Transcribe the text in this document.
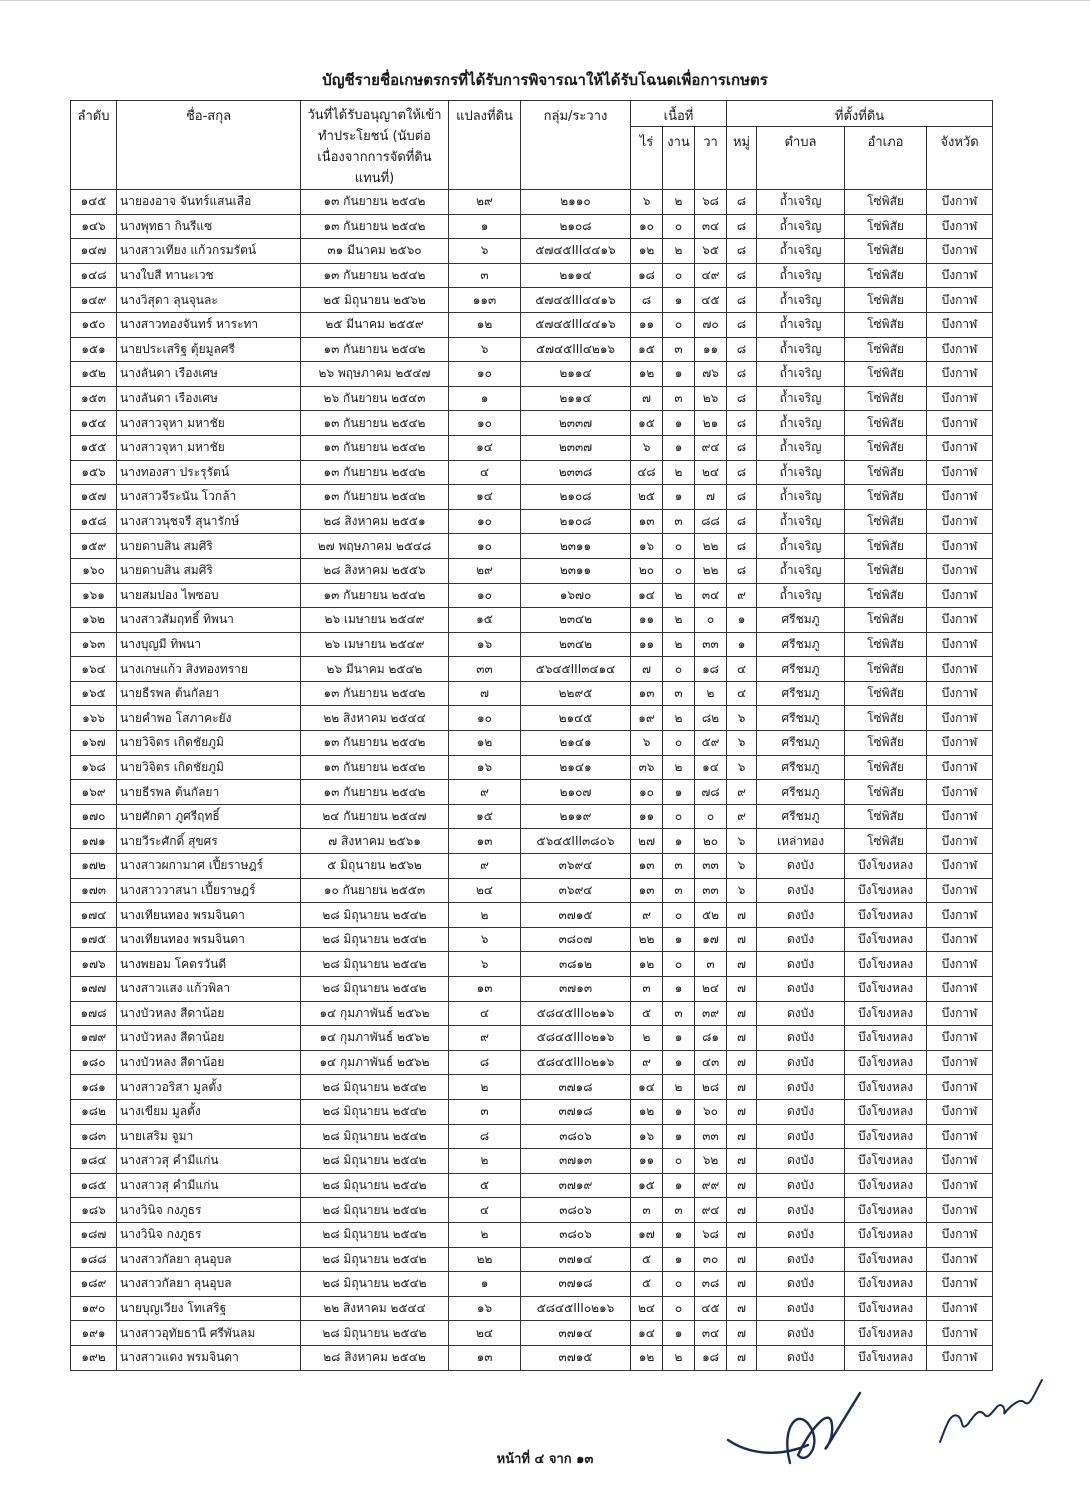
บัญชีรายชื่อเกษตรกรที่ได้รับการพิจารณาให้ได้รับโฉนดเพื่อการเกษตร
ลำดับ	ชื่อ-สกุล	วันที่ได้รับอนุญาตให้เข้าทำประโยชน์ (นับต่อเนื่องจากการจัดที่ดินแทนที่)	แปลงที่ดิน	กลุ่ม/ระวาง	เนื้อที่			ที่ตั้งที่ดิน			
					ไร่	งาน	วา	หมู่	ตำบล	อำเภอ	จังหวัด
๑๔๕	นายองอาจ จันทร์แสนเสือ	๑๓ กันยายน ๒๕๔๒	๒๙	๒๑๑๐	๖	๒	๖๘	๘	ถ้ำเจริญ	โซ่พิสัย	บึงกาฬ
๑๔๖	นางพุทธา กินรีแซ	๑๓ กันยายน ๒๕๔๒	๑	๒๑๐๘	๑๐	๐	๓๔	๘	ถ้ำเจริญ	โซ่พิสัย	บึงกาฬ
๑๔๗	นางสาวเทียง แก้วกรมรัตน์	๓๑ มีนาคม ๒๕๖๐	๖	๕๗๔๕III๔๔๑๖	๑๒	๒	๖๕	๘	ถ้ำเจริญ	โซ่พิสัย	บึงกาฬ
๑๔๘	นางใบสี ทานะเวช	๑๓ กันยายน ๒๕๔๒	๓	๒๑๑๔	๑๘	๐	๔๙	๘	ถ้ำเจริญ	โซ่พิสัย	บึงกาฬ
๑๔๙	นางวิสุดา ลุนจุนละ	๒๕ มิถุนายน ๒๕๖๒	๑๑๓	๕๗๔๕III๔๔๑๖	๘	๑	๔๕	๘	ถ้ำเจริญ	โซ่พิสัย	บึงกาฬ
๑๕๐	นางสาวทองจันทร์ หาระทา	๒๕ มีนาคม ๒๕๕๙	๑๒	๕๗๔๕III๔๔๑๖	๑๑	๐	๗๐	๘	ถ้ำเจริญ	โซ่พิสัย	บึงกาฬ
๑๕๑	นายประเสริฐ ตุ้ยมูลศรี	๑๓ กันยายน ๒๕๔๒	๖	๕๗๔๕III๔๒๑๖	๑๕	๓	๑๑	๘	ถ้ำเจริญ	โซ่พิสัย	บึงกาฬ
๑๕๒	นางลันดา เรืองเศษ	๒๖ พฤษภาคม ๒๕๔๗	๑๐	๒๑๑๔	๑๒	๑	๗๖	๘	ถ้ำเจริญ	โซ่พิสัย	บึงกาฬ
๑๕๓	นางลันดา เรืองเศษ	๒๖ กันยายน ๒๕๔๓	๑	๒๑๑๔	๗	๓	๒๖	๘	ถ้ำเจริญ	โซ่พิสัย	บึงกาฬ
๑๕๔	นางสาวจุหา มหาชัย	๑๓ กันยายน ๒๕๔๒	๑๐	๒๓๓๗	๑๕	๑	๒๑	๘	ถ้ำเจริญ	โซ่พิสัย	บึงกาฬ
๑๕๕	นางสาวจุหา มหาชัย	๑๓ กันยายน ๒๕๔๒	๑๔	๒๓๓๗	๖	๑	๙๔	๘	ถ้ำเจริญ	โซ่พิสัย	บึงกาฬ
๑๕๖	นางทองสา ประรุรัตน์	๑๓ กันยายน ๒๕๔๒	๔	๒๓๓๘	๔๘	๒	๒๔	๘	ถ้ำเจริญ	โซ่พิสัย	บึงกาฬ
๑๕๗	นางสาวจีระนัน โวกล้า	๑๓ กันยายน ๒๕๔๒	๑๔	๒๑๐๘	๒๕	๑	๗	๘	ถ้ำเจริญ	โซ่พิสัย	บึงกาฬ
๑๕๘	นางสาวนุชจรี สุนารักษ์	๒๘ สิงหาคม ๒๕๕๑	๑๐	๒๑๐๘	๑๓	๓	๘๘	๘	ถ้ำเจริญ	โซ่พิสัย	บึงกาฬ
๑๕๙	นายดาบสิน สมศิริ	๒๗ พฤษภาคม ๒๕๔๘	๑๐	๒๓๑๑	๑๖	๐	๒๒	๘	ถ้ำเจริญ	โซ่พิสัย	บึงกาฬ
๑๖๐	นายดาบสิน สมศิริ	๒๘ สิงหาคม ๒๕๕๖	๒๙	๒๓๑๑	๒๐	๐	๒๒	๘	ถ้ำเจริญ	โซ่พิสัย	บึงกาฬ
๑๖๑	นายสมปอง ไพซอบ	๑๓ กันยายน ๒๕๔๒	๑๐	๑๖๗๐	๑๔	๒	๓๔	๙	ถ้ำเจริญ	โซ่พิสัย	บึงกาฬ
๑๖๒	นางสาวสัมฤทธิ์ ทิพนา	๒๖ เมษายน ๒๕๔๙	๑๕	๒๓๔๒	๑๑	๒	๐	๑	ศรีชมภู	โซ่พิสัย	บึงกาฬ
๑๖๓	นางบุญมี ทิพนา	๒๖ เมษายน ๒๕๔๙	๑๖	๒๓๔๒	๑๑	๒	๓๓	๑	ศรีชมภู	โซ่พิสัย	บึงกาฬ
๑๖๔	นางเกษแก้ว สิงทองทราย	๒๖ มีนาคม ๒๕๔๒	๓๓	๕๖๔๕III๓๔๑๔	๗	๐	๑๘	๔	ศรีชมภู	โซ่พิสัย	บึงกาฬ
๑๖๕	นายธีรพล ต้นกัลยา	๑๓ กันยายน ๒๕๔๒	๗	๒๒๙๕	๑๓	๓	๒	๔	ศรีชมภู	โซ่พิสัย	บึงกาฬ
๑๖๖	นายคำพอ โสภาคะยัง	๒๒ สิงหาคม ๒๕๔๔	๑๐	๒๑๔๕	๑๙	๒	๘๒	๖	ศรีชมภู	โซ่พิสัย	บึงกาฬ
๑๖๗	นายวิจิตร เกิดชัยภูมิ	๑๓ กันยายน ๒๕๔๒	๑๒	๒๑๔๑	๖	๐	๕๙	๖	ศรีชมภู	โซ่พิสัย	บึงกาฬ
๑๖๘	นายวิจิตร เกิดชัยภูมิ	๑๓ กันยายน ๒๕๔๒	๑๖	๒๑๔๑	๓๖	๒	๑๔	๖	ศรีชมภู	โซ่พิสัย	บึงกาฬ
๑๖๙	นายธีรพล ต้นกัลยา	๑๓ กันยายน ๒๕๔๒	๙	๒๑๐๗	๑๐	๑	๗๘	๙	ศรีชมภู	โซ่พิสัย	บึงกาฬ
๑๗๐	นายศักดา ภูศรีฤทธิ์	๒๔ กันยายน ๒๕๔๗	๑๕	๒๑๑๙	๑๑	๐	๐	๙	ศรีชมภู	โซ่พิสัย	บึงกาฬ
๑๗๑	นายวีระศักดิ์ สุขศร	๗ สิงหาคม ๒๕๖๑	๑๓	๕๖๔๕III๓๘๐๖	๒๗	๑	๒๐	๖	เหล่าทอง	โซ่พิสัย	บึงกาฬ
๑๗๒	นางสาวผกามาศ เปี้ยราษฎร์	๕ มิถุนายน ๒๕๖๒	๙	๓๖๙๔	๑๓	๓	๓๓	๖	ดงบัง	บึงโขงหลง	บึงกาฬ
๑๗๓	นางสาววาสนา เปี้ยราษฎร์	๑๐ กันยายน ๒๕๕๓	๒๔	๓๖๙๔	๑๓	๓	๓๓	๖	ดงบัง	บึงโขงหลง	บึงกาฬ
๑๗๔	นางเทียนทอง พรมจินดา	๒๘ มิถุนายน ๒๕๔๒	๒	๓๗๑๕	๙	๐	๕๒	๗	ดงบัง	บึงโขงหลง	บึงกาฬ
๑๗๕	นางเทียนทอง พรมจินดา	๒๘ มิถุนายน ๒๕๔๒	๖	๓๘๐๗	๒๒	๑	๑๗	๗	ดงบัง	บึงโขงหลง	บึงกาฬ
๑๗๖	นางพยอม โคตรวันดี	๒๘ มิถุนายน ๒๕๔๒	๖	๓๘๑๒	๑๒	๐	๓	๗	ดงบัง	บึงโขงหลง	บึงกาฬ
๑๗๗	นางสาวแสง แก้วพิลา	๒๘ มิถุนายน ๒๕๔๒	๑๓	๓๗๑๓	๓	๑	๒๔	๗	ดงบัง	บึงโขงหลง	บึงกาฬ
๑๗๘	นางบัวหลง สีดาน้อย	๑๔ กุมภาพันธ์ ๒๕๖๒	๔	๕๘๔๕III๐๒๑๖	๕	๓	๓๙	๗	ดงบัง	บึงโขงหลง	บึงกาฬ
๑๗๙	นางบัวหลง สีดาน้อย	๑๔ กุมภาพันธ์ ๒๕๖๒	๙	๕๘๔๕III๐๒๑๖	๒	๑	๘๑	๗	ดงบัง	บึงโขงหลง	บึงกาฬ
๑๘๐	นางบัวหลง สีดาน้อย	๑๔ กุมภาพันธ์ ๒๕๖๒	๘	๕๘๔๕III๐๒๑๖	๙	๑	๔๓	๗	ดงบัง	บึงโขงหลง	บึงกาฬ
๑๘๑	นางสาวอริสา มูลตั้ง	๒๘ มิถุนายน ๒๕๔๒	๒	๓๗๑๘	๑๔	๒	๒๘	๗	ดงบัง	บึงโขงหลง	บึงกาฬ
๑๘๒	นางเขียม มูลตั้ง	๒๘ มิถุนายน ๒๕๔๒	๓	๓๗๑๘	๑๒	๑	๖๐	๗	ดงบัง	บึงโขงหลง	บึงกาฬ
๑๘๓	นายเสริม จูมา	๒๘ มิถุนายน ๒๕๔๒	๘	๓๘๐๖	๑๖	๑	๓๓	๗	ดงบัง	บึงโขงหลง	บึงกาฬ
๑๘๔	นางสาวสุ คำมีแก่น	๒๘ มิถุนายน ๒๕๔๒	๒	๓๗๑๓	๑๑	๐	๖๒	๗	ดงบัง	บึงโขงหลง	บึงกาฬ
๑๘๕	นางสาวสุ คำมีแก่น	๒๘ มิถุนายน ๒๕๔๒	๕	๓๗๑๙	๑๕	๑	๙๙	๗	ดงบัง	บึงโขงหลง	บึงกาฬ
๑๘๖	นางวินิจ กงภูธร	๒๘ มิถุนายน ๒๕๔๒	๔	๓๘๐๖	๓	๓	๙๔	๗	ดงบัง	บึงโขงหลง	บึงกาฬ
๑๘๗	นางวินิจ กงภูธร	๒๘ มิถุนายน ๒๕๔๒	๒	๓๘๐๖	๑๗	๑	๖๘	๗	ดงบัง	บึงโขงหลง	บึงกาฬ
๑๘๘	นางสาวกัลยา ลุนอุบล	๒๘ มิถุนายน ๒๕๔๒	๒๒	๓๗๑๔	๕	๑	๓๐	๗	ดงบัง	บึงโขงหลง	บึงกาฬ
๑๘๙	นางสาวกัลยา ลุนอุบล	๒๘ มิถุนายน ๒๕๔๒	๑	๓๗๑๘	๕	๐	๓๘	๗	ดงบัง	บึงโขงหลง	บึงกาฬ
๑๙๐	นายบุญเวียง โทเสริฐ	๒๒ สิงหาคม ๒๕๔๔	๑๖	๕๘๔๕III๐๒๑๖	๒๔	๐	๔๕	๗	ดงบัง	บึงโขงหลง	บึงกาฬ
๑๙๑	นางสาวอุทัยธานี ศรีพันลม	๒๘ มิถุนายน ๒๕๔๒	๒๔	๓๗๑๔	๑๔	๑	๓๔	๗	ดงบัง	บึงโขงหลง	บึงกาฬ
๑๙๒	นางสาวแดง พรมจินดา	๒๘ สิงหาคม ๒๕๔๒	๑๓	๓๗๑๕	๑๒	๒	๑๘	๗	ดงบัง	บึงโขงหลง	บึงกาฬ
หน้าที่ ๔ จาก ๑๓
